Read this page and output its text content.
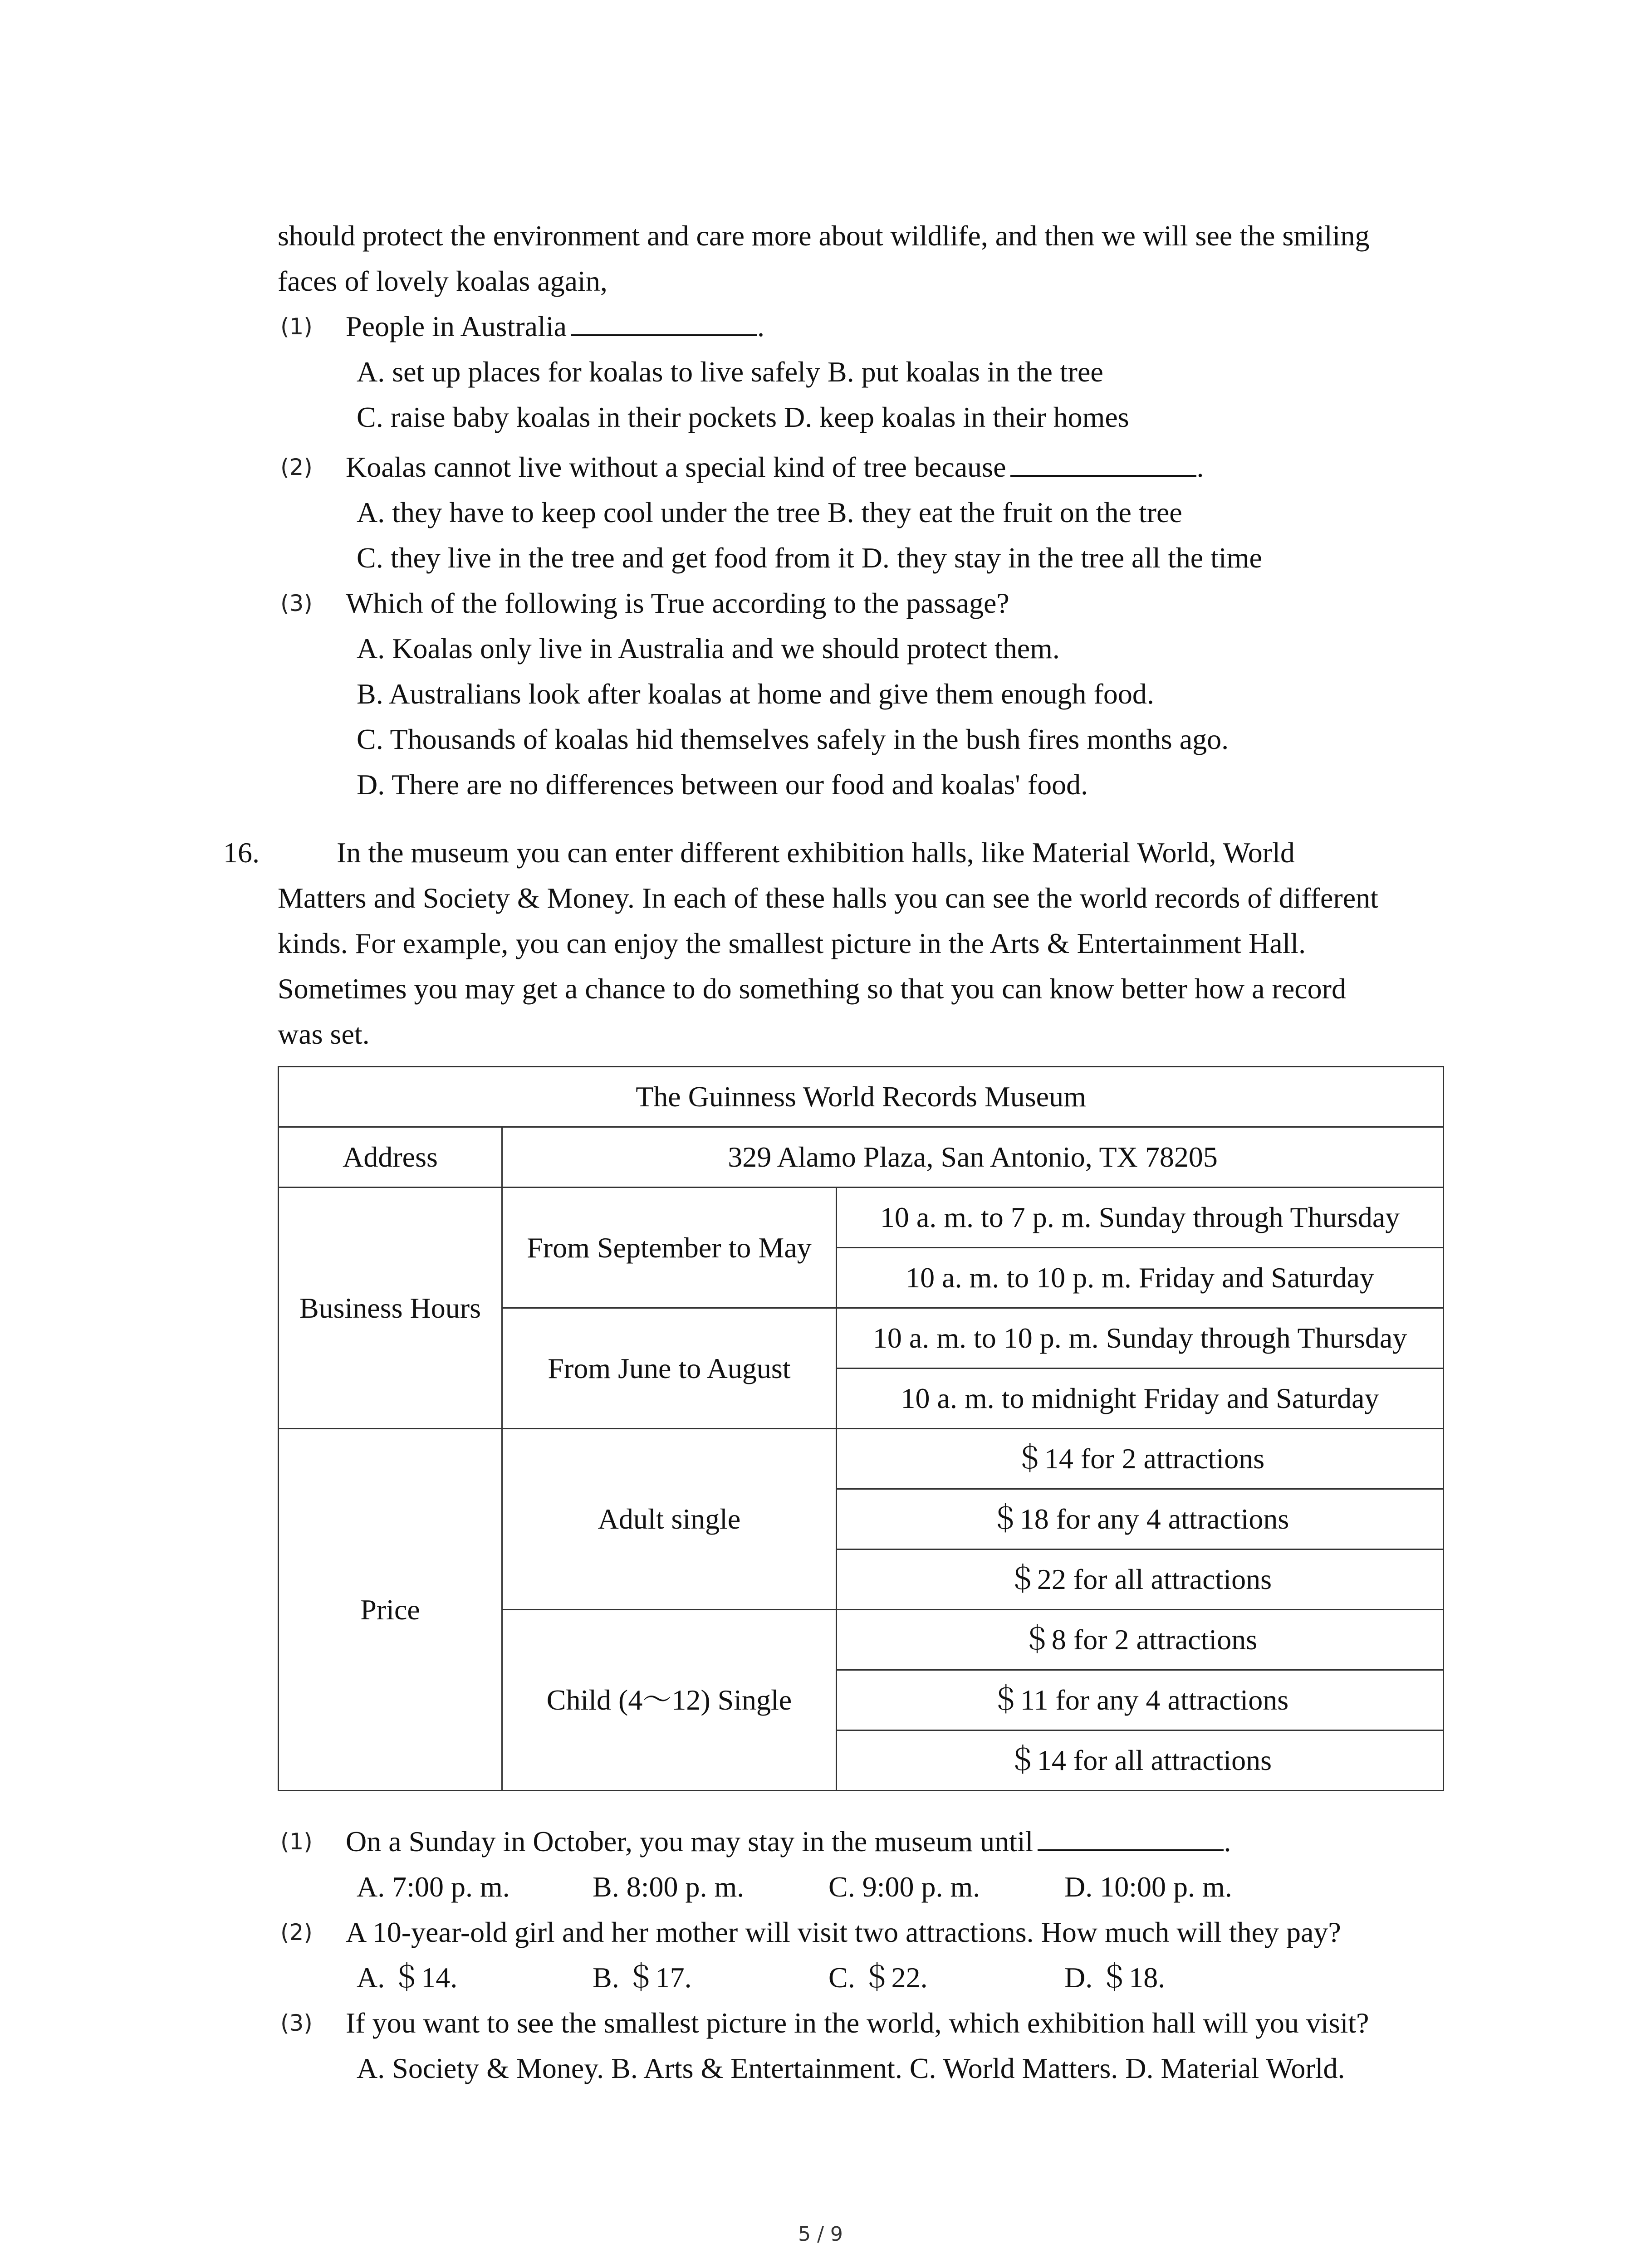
should protect the environment and care more about wildlife, and then we will see the smiling
faces of lovely koalas again,
(1) People in Australia	.
A. set up places for koalas to live safely B. put koalas in the tree
C. raise baby koalas in their pockets D. keep koalas in their homes
(2) Koalas cannot live without a special kind of tree because	.
A. they have to keep cool under the tree B. they eat the fruit on the tree
C. they live in the tree and get food from it D. they stay in the tree all the time
(3) Which of the following is True according to the passage?
A. Koalas only live in Australia and we should protect them.
B. Australians look after koalas at home and give them enough food.
C. Thousands of koalas hid themselves safely in the bush fires months ago.
D. There are no differences between our food and koalas' food.
16.	In the museum you can enter different exhibition halls, like Material World, World
Matters and Society & Money. In each of these halls you can see the world records of different
kinds. For example, you can enjoy the smallest picture in the Arts & Entertainment Hall.
Sometimes you may get a chance to do something so that you can know better how a record
was set.
The Guinness World Records Museum		
Address	329 Alamo Plaza, San Antonio, TX 78205	
Business Hours	From September to May	10 a. m. to 7 p. m. Sunday through Thursday
		10 a. m. to 10 p. m. Friday and Saturday
	From June to August	10 a. m. to 10 p. m. Sunday through Thursday
		10 a. m. to midnight Friday and Saturday
Price	Adult single	＄14 for 2 attractions
		＄18 for any 4 attractions
		＄22 for all attractions
	Child (4～12) Single	＄8 for 2 attractions
		＄11 for any 4 attractions
		＄14 for all attractions
(1) On a Sunday in October, you may stay in the museum until	.
A. 7:00 p. m.	B. 8:00 p. m.	C. 9:00 p. m.	D. 10:00 p. m.
(2) A 10-year-old girl and her mother will visit two attractions. How much will they pay?
A. ＄14.	B. ＄17.	C. ＄22.	D. ＄18.
(3) If you want to see the smallest picture in the world, which exhibition hall will you visit?
A. Society & Money. B. Arts & Entertainment. C. World Matters. D. Material World.
5 / 9
